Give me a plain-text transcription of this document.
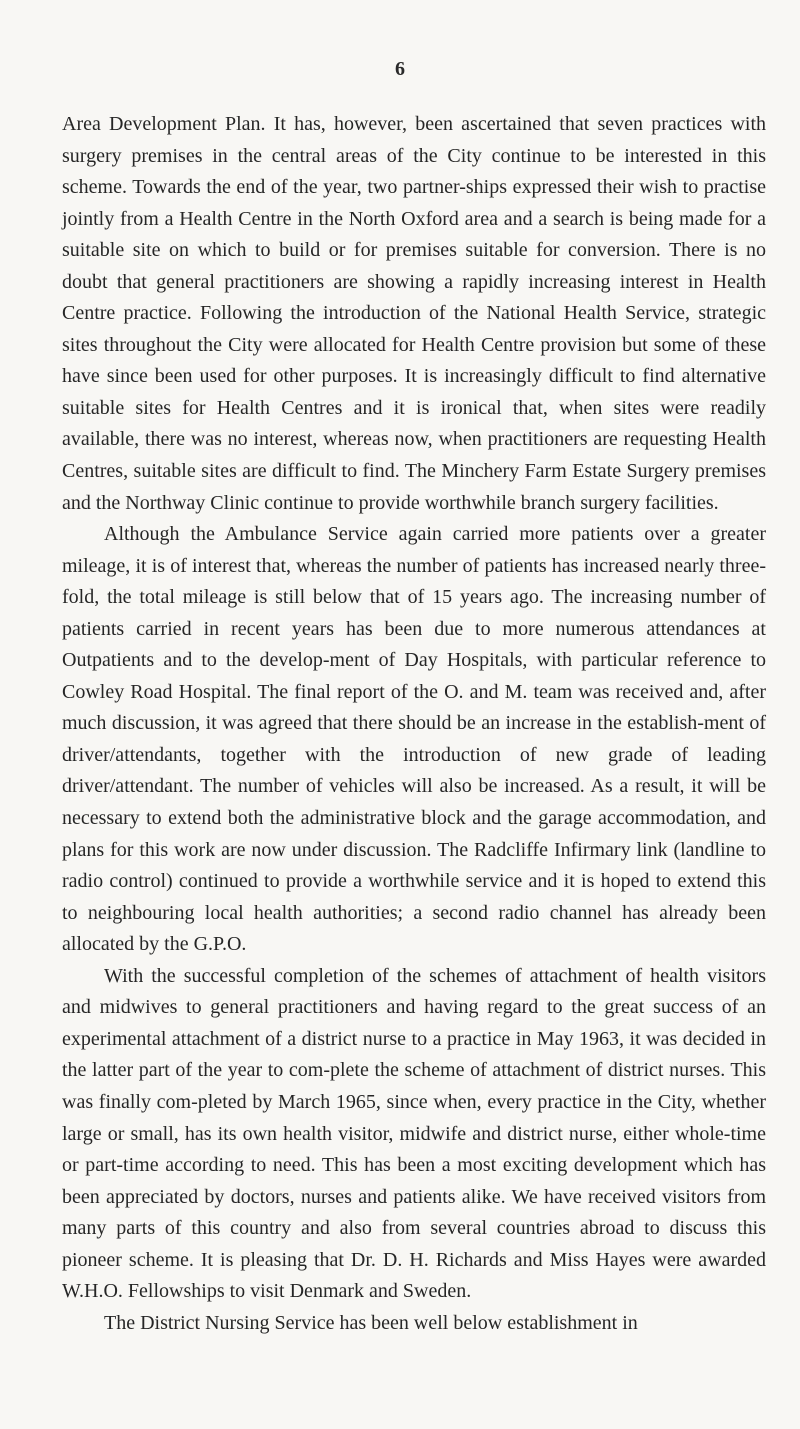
6

Area Development Plan. It has, however, been ascertained that seven practices with surgery premises in the central areas of the City continue to be interested in this scheme. Towards the end of the year, two partner-ships expressed their wish to practise jointly from a Health Centre in the North Oxford area and a search is being made for a suitable site on which to build or for premises suitable for conversion. There is no doubt that general practitioners are showing a rapidly increasing interest in Health Centre practice. Following the introduction of the National Health Service, strategic sites throughout the City were allocated for Health Centre provision but some of these have since been used for other purposes. It is increasingly difficult to find alternative suitable sites for Health Centres and it is ironical that, when sites were readily available, there was no interest, whereas now, when practitioners are requesting Health Centres, suitable sites are difficult to find. The Minchery Farm Estate Surgery premises and the Northway Clinic continue to provide worthwhile branch surgery facilities.

Although the Ambulance Service again carried more patients over a greater mileage, it is of interest that, whereas the number of patients has increased nearly three-fold, the total mileage is still below that of 15 years ago. The increasing number of patients carried in recent years has been due to more numerous attendances at Outpatients and to the develop-ment of Day Hospitals, with particular reference to Cowley Road Hospital. The final report of the O. and M. team was received and, after much discussion, it was agreed that there should be an increase in the establish-ment of driver/attendants, together with the introduction of new grade of leading driver/attendant. The number of vehicles will also be increased. As a result, it will be necessary to extend both the administrative block and the garage accommodation, and plans for this work are now under discussion. The Radcliffe Infirmary link (landline to radio control) continued to provide a worthwhile service and it is hoped to extend this to neighbouring local health authorities; a second radio channel has already been allocated by the G.P.O.

With the successful completion of the schemes of attachment of health visitors and midwives to general practitioners and having regard to the great success of an experimental attachment of a district nurse to a practice in May 1963, it was decided in the latter part of the year to com-plete the scheme of attachment of district nurses. This was finally com-pleted by March 1965, since when, every practice in the City, whether large or small, has its own health visitor, midwife and district nurse, either whole-time or part-time according to need. This has been a most exciting development which has been appreciated by doctors, nurses and patients alike. We have received visitors from many parts of this country and also from several countries abroad to discuss this pioneer scheme. It is pleasing that Dr. D. H. Richards and Miss Hayes were awarded W.H.O. Fellowships to visit Denmark and Sweden.

The District Nursing Service has been well below establishment in
